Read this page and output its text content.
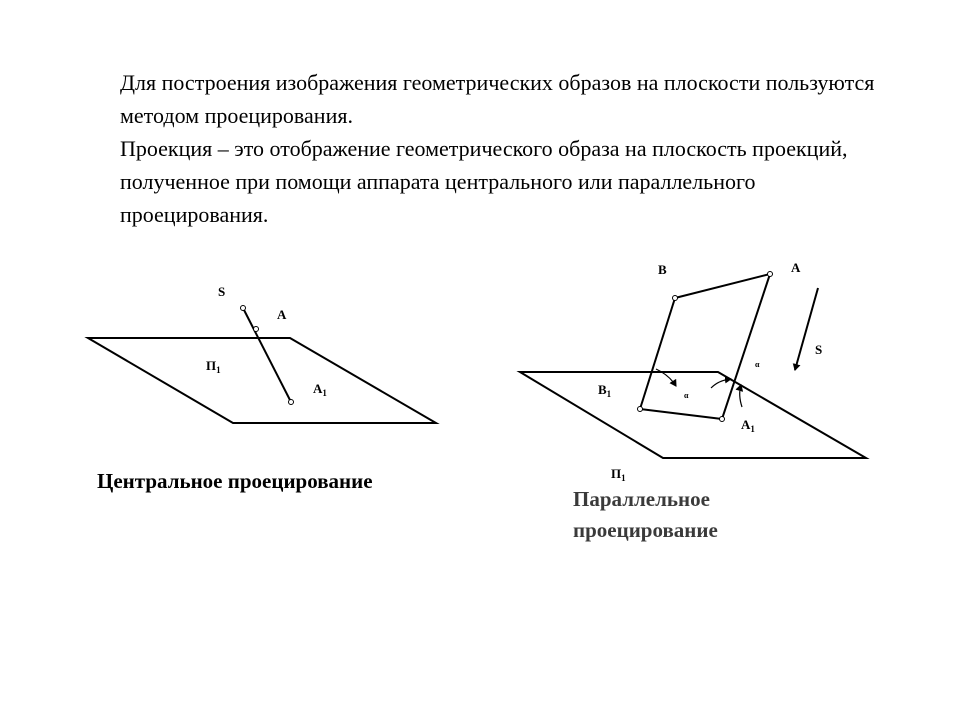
Для построения изображения геометрических образов на плоскости пользуются методом проецирования.

Проекция – это отображение геометрического образа на плоскость проекций, полученное при помощи аппарата центрального или параллельного проецирования.

S
A
П1
A1
B	A
S
B1
A1
α
α
П1
Центральное проецирование
Параллельное
проецирование
